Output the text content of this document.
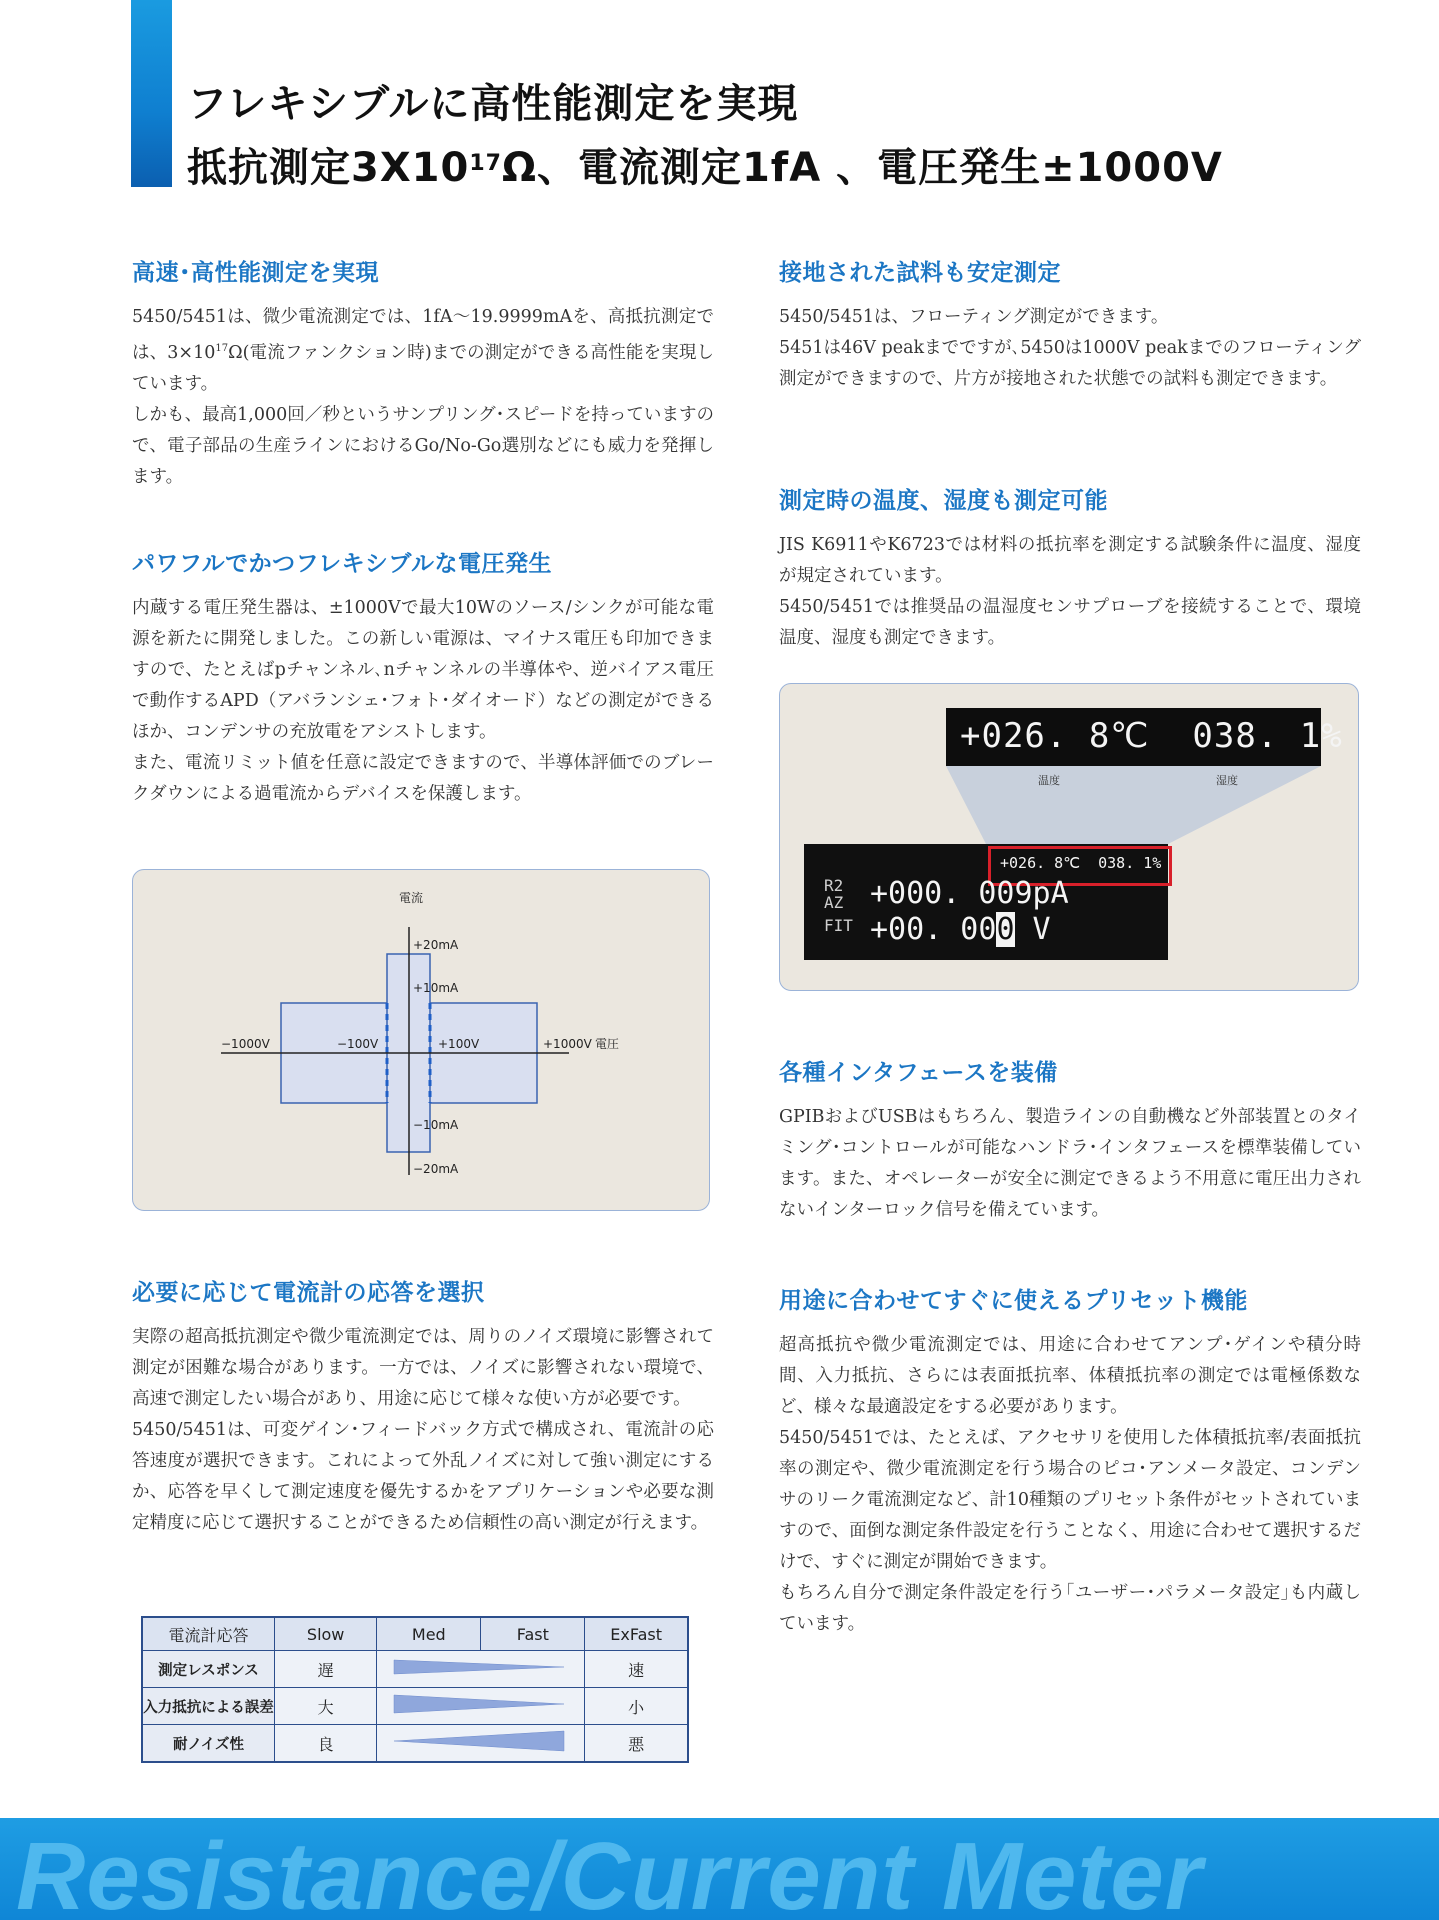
フレキシブルに高性能測定を実現
抵抗測定$3X10^{17}\Omega$、電流測定1fA 、電圧発生±1000V
高速･高性能測定を実現

5450/5451は、微少電流測定では、1fA～19.9999mAを、高抵抗測定では、$3\times 10^{17}\Omega$(電流ファンクション時)までの測定ができる高性能を実現しています。

しかも、最高1,000回／秒というサンプリング･スピードを持っていますので、電子部品の生産ラインにおけるGo/No-Go選別などにも威力を発揮します。

パワフルでかつフレキシブルな電圧発生

内蔵する電圧発生器は、±1000Vで最大10Wのソース/シンクが可能な電源を新たに開発しました。この新しい電源は、マイナス電圧も印加できますので、たとえばpチャンネル､nチャンネルの半導体や、逆バイアス電圧で動作するAPD（アバランシェ･フォト･ダイオード）などの測定ができるほか、コンデンサの充放電をアシストします。

また、電流リミット値を任意に設定できますので、半導体評価でのブレークダウンによる過電流からデバイスを保護します。

電流
+20mA
+10mA
−10mA
−20mA
−1000V	−100V	+100V	+1000V 電圧
必要に応じて電流計の応答を選択

実際の超高抵抗測定や微少電流測定では、周りのノイズ環境に影響されて測定が困難な場合があります。一方では、ノイズに影響されない環境で、高速で測定したい場合があり、用途に応じて様々な使い方が必要です。

5450/5451は、可変ゲイン･フィードバック方式で構成され、電流計の応答速度が選択できます。これによって外乱ノイズに対して強い測定にするか、応答を早くして測定速度を優先するかをアプリケーションや必要な測定精度に応じて選択することができるため信頼性の高い測定が行えます。

電流計応答	Slow	Med	Fast	ExFast
測定レスポンス	遅			速
入力抵抗による誤差	大			小
耐ノイズ性	良			悪
接地された試料も安定測定

5450/5451は、フローティング測定ができます。

5451は46V peakまでですが､5450は1000V peakまでのフローティング測定ができますので、片方が接地された状態での試料も測定できます。

測定時の温度、湿度も測定可能

JIS K6911やK6723では材料の抵抗率を測定する試験条件に温度、湿度が規定されています。

5450/5451では推奨品の温湿度センサプローブを接続することで、環境温度、湿度も測定できます。

+026. 8℃  038. 1%
温度	湿度
+026. 8℃  038. 1%
R2
AZ
FIT
+000. 009pA
+00. 000 V
各種インタフェースを装備

GPIBおよびUSBはもちろん、製造ラインの自動機など外部装置とのタイミング･コントロールが可能なハンドラ･インタフェースを標準装備しています。また、オペレーターが安全に測定できるよう不用意に電圧出力されないインターロック信号を備えています。

用途に合わせてすぐに使えるプリセット機能

超高抵抗や微少電流測定では、用途に合わせてアンプ･ゲインや積分時間、入力抵抗、さらには表面抵抗率、体積抵抗率の測定では電極係数など、様々な最適設定をする必要があります。

5450/5451では、たとえば、アクセサリを使用した体積抵抗率/表面抵抗率の測定や、微少電流測定を行う場合のピコ･アンメータ設定、コンデンサのリーク電流測定など、計10種類のプリセット条件がセットされていますので、面倒な測定条件設定を行うことなく、用途に合わせて選択するだけで、すぐに測定が開始できます。

もちろん自分で測定条件設定を行う｢ユーザー･パラメータ設定｣も内蔵しています。

Resistance/Current Meter
